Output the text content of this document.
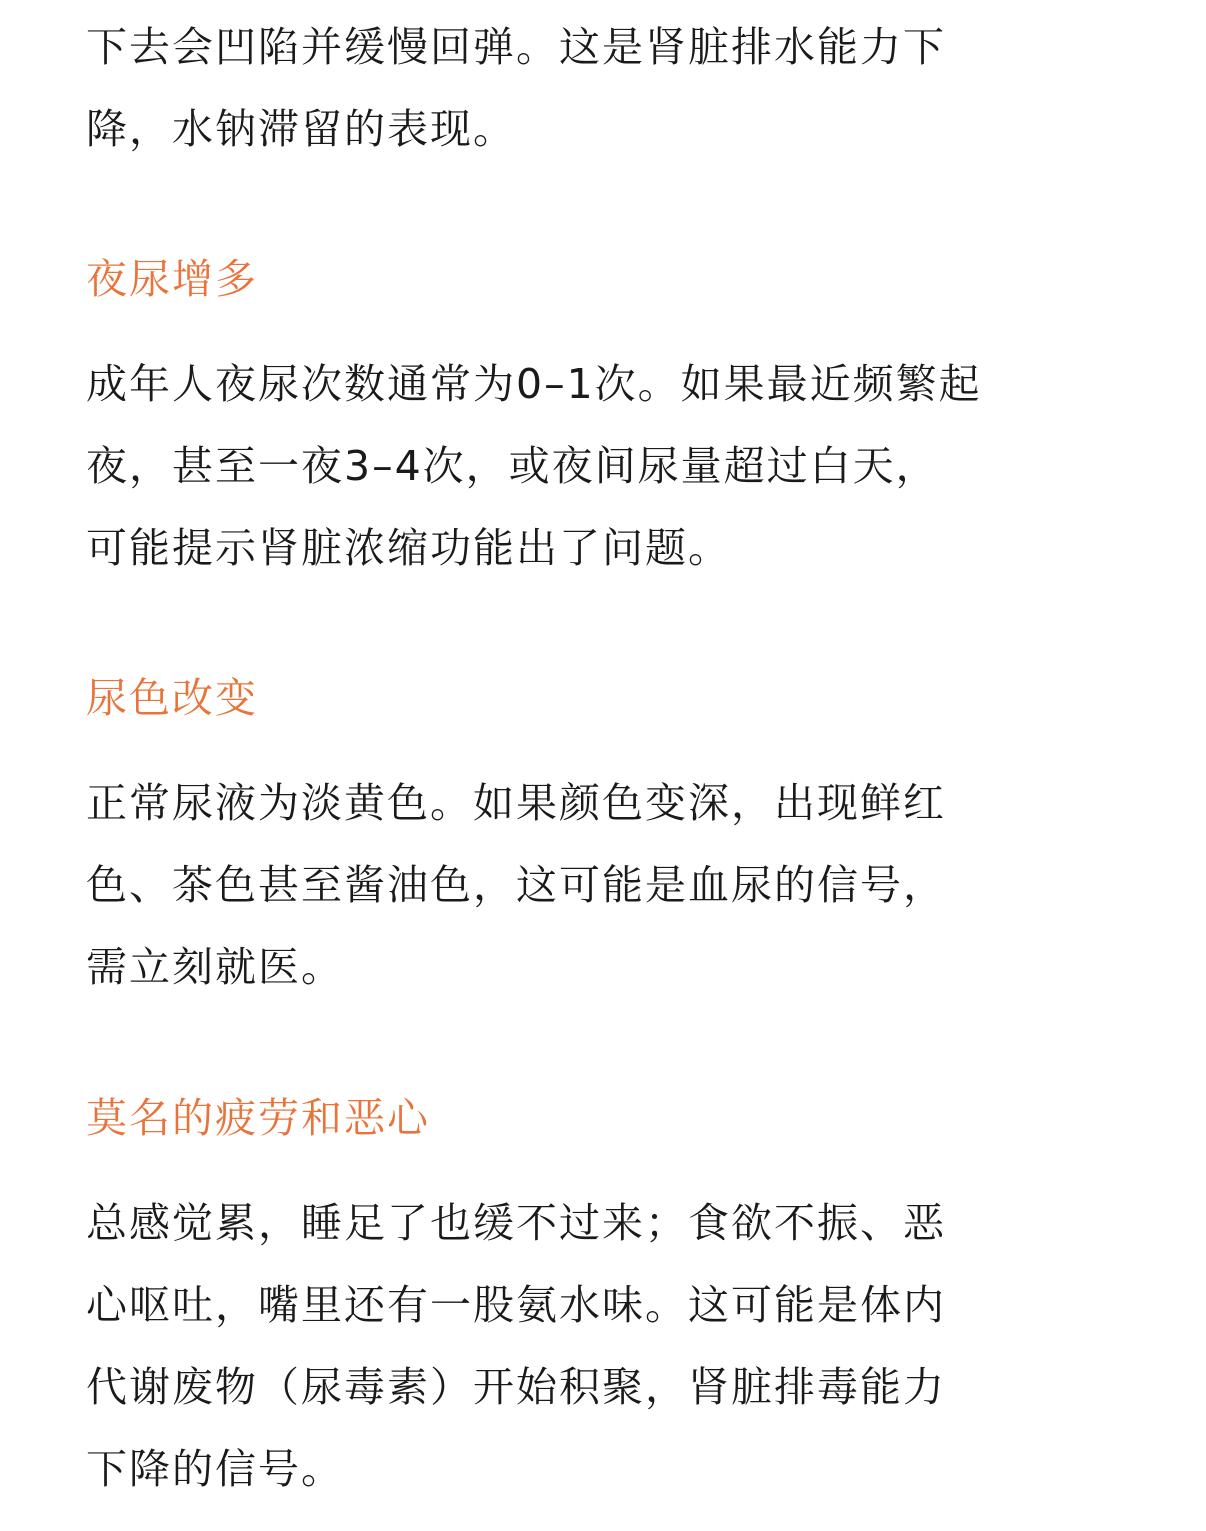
下去会凹陷并缓慢回弹。这是肾脏排水能力下
降，水钠滞留的表现。

夜尿增多

成年人夜尿次数通常为0–1次。如果最近频繁起
夜，甚至一夜3–4次，或夜间尿量超过白天，
可能提示肾脏浓缩功能出了问题。

尿色改变

正常尿液为淡黄色。如果颜色变深，出现鲜红
色、茶色甚至酱油色，这可能是血尿的信号，
需立刻就医。

莫名的疲劳和恶心

总感觉累，睡足了也缓不过来；食欲不振、恶
心呕吐，嘴里还有一股氨水味。这可能是体内
代谢废物（尿毒素）开始积聚，肾脏排毒能力
下降的信号。
